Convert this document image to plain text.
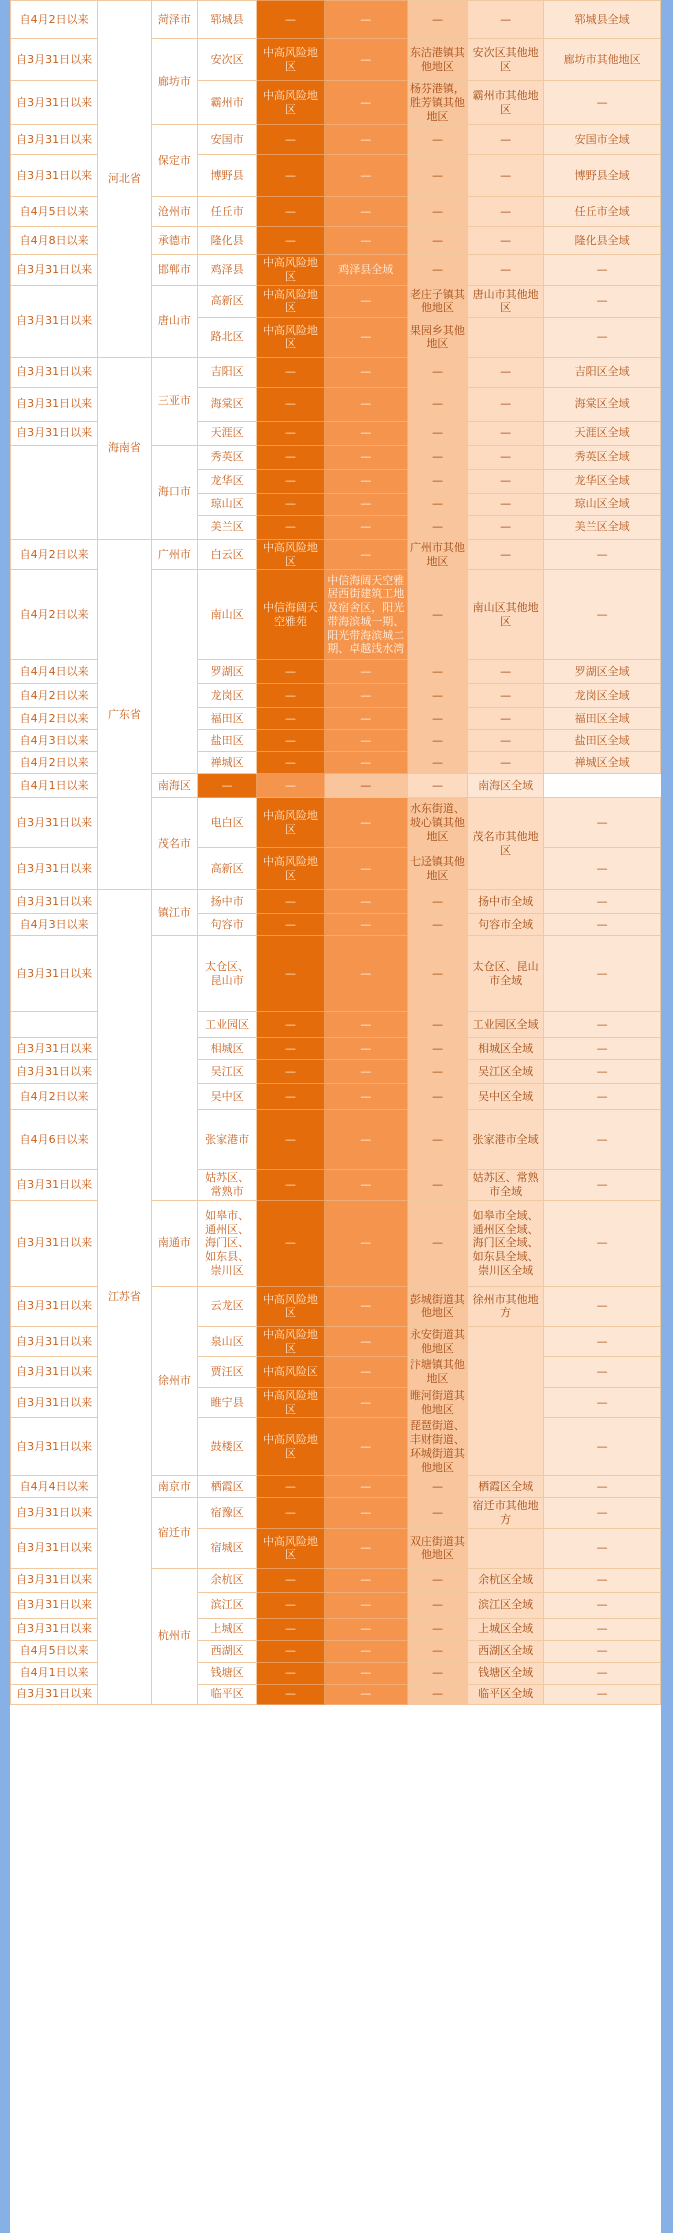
自4月2日以来	河北省	菏泽市	郓城县	—	—	—	—	郓城县全域
自3月31日以来		廊坊市	安次区	中高风险地区	—	东沽港镇其他地区	安次区其他地区	廊坊市其他地区
自3月31日以来			霸州市	中高风险地区	—	杨芬港镇，胜芳镇其他地区	霸州市其他地区	—
自3月31日以来		保定市	安国市	—	—	—	—	安国市全域
自3月31日以来			博野县	—	—	—	—	博野县全域
自4月5日以来		沧州市	任丘市	—	—	—	—	任丘市全域
自4月8日以来		承德市	隆化县	—	—	—	—	隆化县全域
自3月31日以来		邯郸市	鸡泽县	中高风险地区	鸡泽县全域	—	—	—
自3月31日以来		唐山市	高新区	中高风险地区	—	老庄子镇其他地区	唐山市其他地区	—
			路北区	中高风险地区	—	果园乡其他地区		—
自3月31日以来	海南省	三亚市	吉阳区	—	—	—	—	吉阳区全域
自3月31日以来			海棠区	—	—	—	—	海棠区全域
自3月31日以来			天涯区	—	—	—	—	天涯区全域
		海口市	秀英区	—	—	—	—	秀英区全域
			龙华区	—	—	—	—	龙华区全域
			琼山区	—	—	—	—	琼山区全域
			美兰区	—	—	—	—	美兰区全域
自4月2日以来	广东省	广州市	白云区	中高风险地区	—	广州市其他地区	—	—
自4月2日以来			南山区	中信海阔天空雅苑	中信海阔天空雅居西街建筑工地及宿舍区，阳光带海滨城一期、阳光带海滨城二期、卓越浅水湾	—	南山区其他地区	—
自4月4日以来			罗湖区	—	—	—	—	罗湖区全域
自4月2日以来			龙岗区	—	—	—	—	龙岗区全域
自4月2日以来			福田区	—	—	—	—	福田区全域
自4月3日以来			盐田区	—	—	—	—	盐田区全域
自4月2日以来			禅城区	—	—	—	—	禅城区全域
自4月1日以来		南海区	—	—	—	—	南海区全域	
自3月31日以来		茂名市	电白区	中高风险地区	—	水东街道、坡心镇其他地区	茂名市其他地区	—
自3月31日以来			高新区	中高风险地区	—	七迳镇其他地区		—
自3月31日以来	江苏省	镇江市	扬中市	—	—	—	扬中市全域	—
自4月3日以来			句容市	—	—	—	句容市全域	—
自3月31日以来			太仓区、昆山市	—	—	—	太仓区、昆山市全域	—
			工业园区	—	—	—	工业园区全域	—
自3月31日以来			相城区	—	—	—	相城区全域	—
自3月31日以来			吴江区	—	—	—	吴江区全域	—
自4月2日以来			吴中区	—	—	—	吴中区全域	—
自4月6日以来			张家港市	—	—	—	张家港市全域	—
自3月31日以来			姑苏区、常熟市	—	—	—	姑苏区、常熟市全域	—
自3月31日以来		南通市	如皋市、通州区、海门区、如东县、崇川区	—	—	—	如皋市全域、通州区全域、海门区全域、如东县全域、崇川区全域	—
自3月31日以来		徐州市	云龙区	中高风险地区	—	彭城街道其他地区	徐州市其他地方	—
自3月31日以来			泉山区	中高风险地区	—	永安街道其他地区		—
自3月31日以来			贾汪区	中高风险区	—	汴塘镇其他地区		—
自3月31日以来			睢宁县	中高风险地区	—	睢河街道其他地区		—
自3月31日以来			鼓楼区	中高风险地区	—	琵琶街道、丰财街道、环城街道其他地区		—
自4月4日以来		南京市	栖霞区	—	—	—	栖霞区全域	—
自3月31日以来		宿迁市	宿豫区	—	—	—	宿迁市其他地方	—
自3月31日以来			宿城区	中高风险地区	—	双庄街道其他地区		—
自3月31日以来		杭州市	余杭区	—	—	—	余杭区全域	—
自3月31日以来			滨江区	—	—	—	滨江区全域	—
自3月31日以来			上城区	—	—	—	上城区全域	—
自4月5日以来			西湖区	—	—	—	西湖区全域	—
自4月1日以来			钱塘区	—	—	—	钱塘区全域	—
自3月31日以来			临平区	—	—	—	临平区全域	—
